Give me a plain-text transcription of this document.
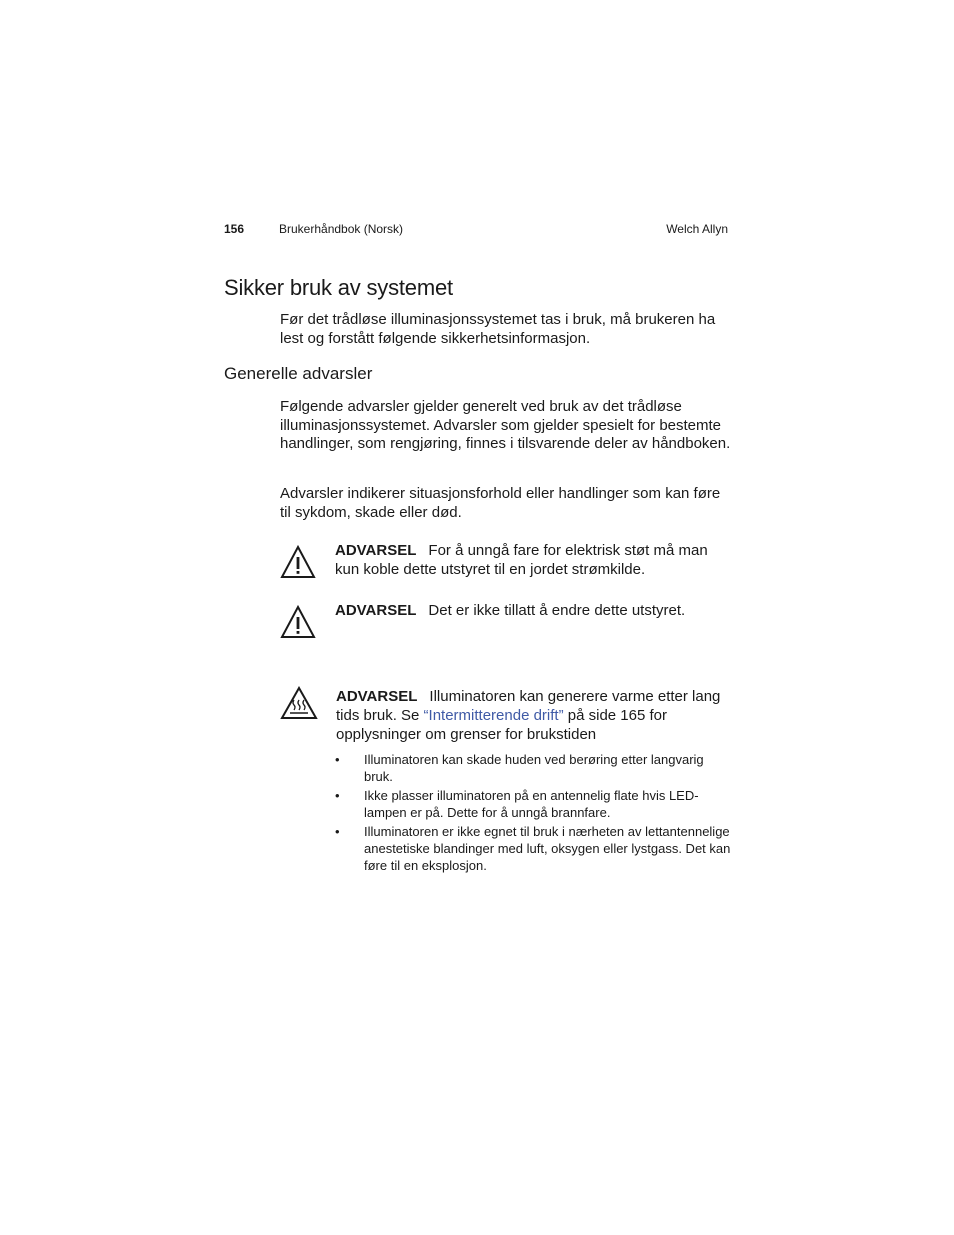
156	Brukerhåndbok (Norsk)	Welch Allyn
Sikker bruk av systemet

Før det trådløse illuminasjonssystemet tas i bruk, må brukeren ha lest og forstått følgende sikkerhetsinformasjon.

Generelle advarsler

Følgende advarsler gjelder generelt ved bruk av det trådløse illuminasjonssystemet. Advarsler som gjelder spesielt for bestemte handlinger, som rengjøring, finnes i tilsvarende deler av håndboken.

Advarsler indikerer situasjonsforhold eller handlinger som kan føre til sykdom, skade eller død.

ADVARSEL For å unngå fare for elektrisk støt må man kun koble dette utstyret til en jordet strømkilde.
ADVARSEL Det er ikke tillatt å endre dette utstyret.
ADVARSEL Illuminatoren kan generere varme etter lang tids bruk. Se “Intermitterende drift” på side 165 for opplysninger om grenser for brukstiden
• Illuminatoren kan skade huden ved berøring etter langvarig bruk.
• Ikke plasser illuminatoren på en antennelig flate hvis LED-lampen er på. Dette for å unngå brannfare.
• Illuminatoren er ikke egnet til bruk i nærheten av lettantennelige anestetiske blandinger med luft, oksygen eller lystgass. Det kan føre til en eksplosjon.
